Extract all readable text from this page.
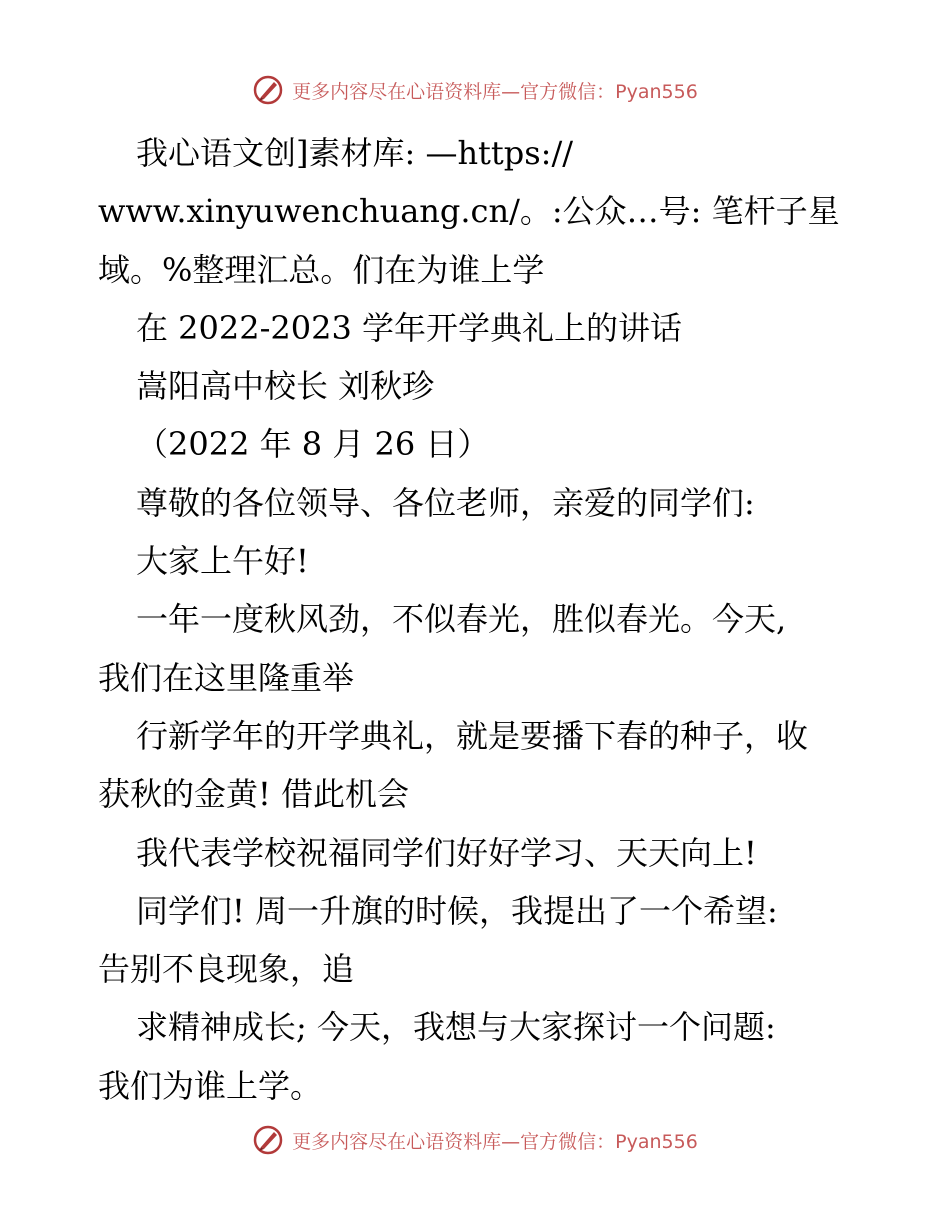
更多内容尽在心语资料库—官方微信：Pyan556
我心语文创]素材库: —https://
www.xinyuwenchuang.cn/。:公众…号: 笔杆子星
域。%整理汇总。们在为谁上学
在 2022-2023 学年开学典礼上的讲话
嵩阳高中校长 刘秋珍
（2022 年 8 月 26 日）
尊敬的各位领导、各位老师，亲爱的同学们:
大家上午好!
一年一度秋风劲，不似春光，胜似春光。今天,
我们在这里隆重举
行新学年的开学典礼，就是要播下春的种子，收
获秋的金黄! 借此机会
我代表学校祝福同学们好好学习、天天向上!
同学们! 周一升旗的时候，我提出了一个希望:
告别不良现象，追
求精神成长; 今天，我想与大家探讨一个问题:
我们为谁上学。
更多内容尽在心语资料库—官方微信：Pyan556
